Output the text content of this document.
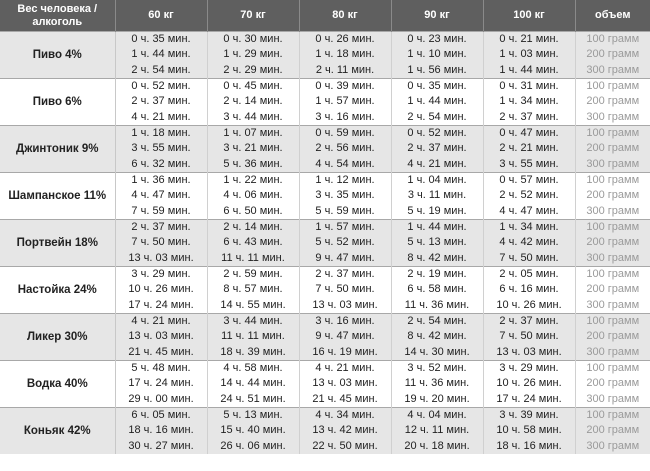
Вес человека / алкоголь	60 кг	70 кг	80 кг	90 кг	100 кг	объем
Пиво 4%	0 ч. 35 мин.	0 ч. 30 мин.	0 ч. 26 мин.	0 ч. 23 мин.	0 ч. 21 мин.	100 грамм
	1 ч. 44 мин.	1 ч. 29 мин.	1 ч. 18 мин.	1 ч. 10 мин.	1 ч. 03 мин.	200 грамм
	2 ч. 54 мин.	2 ч. 29 мин.	2 ч. 11 мин.	1 ч. 56 мин.	1 ч. 44 мин.	300 грамм
Пиво 6%	0 ч. 52 мин.	0 ч. 45 мин.	0 ч. 39 мин.	0 ч. 35 мин.	0 ч. 31 мин.	100 грамм
	2 ч. 37 мин.	2 ч. 14 мин.	1 ч. 57 мин.	1 ч. 44 мин.	1 ч. 34 мин.	200 грамм
	4 ч. 21 мин.	3 ч. 44 мин.	3 ч. 16 мин.	2 ч. 54 мин.	2 ч. 37 мин.	300 грамм
Джинтоник 9%	1 ч. 18 мин.	1 ч. 07 мин.	0 ч. 59 мин.	0 ч. 52 мин.	0 ч. 47 мин.	100 грамм
	3 ч. 55 мин.	3 ч. 21 мин.	2 ч. 56 мин.	2 ч. 37 мин.	2 ч. 21 мин.	200 грамм
	6 ч. 32 мин.	5 ч. 36 мин.	4 ч. 54 мин.	4 ч. 21 мин.	3 ч. 55 мин.	300 грамм
Шампанское 11%	1 ч. 36 мин.	1 ч. 22 мин.	1 ч. 12 мин.	1 ч. 04 мин.	0 ч. 57 мин.	100 грамм
	4 ч. 47 мин.	4 ч. 06 мин.	3 ч. 35 мин.	3 ч. 11 мин.	2 ч. 52 мин.	200 грамм
	7 ч. 59 мин.	6 ч. 50 мин.	5 ч. 59 мин.	5 ч. 19 мин.	4 ч. 47 мин.	300 грамм
Портвейн 18%	2 ч. 37 мин.	2 ч. 14 мин.	1 ч. 57 мин.	1 ч. 44 мин.	1 ч. 34 мин.	100 грамм
	7 ч. 50 мин.	6 ч. 43 мин.	5 ч. 52 мин.	5 ч. 13 мин.	4 ч. 42 мин.	200 грамм
	13 ч. 03 мин.	11 ч. 11 мин.	9 ч. 47 мин.	8 ч. 42 мин.	7 ч. 50 мин.	300 грамм
Настойка 24%	3 ч. 29 мин.	2 ч. 59 мин.	2 ч. 37 мин.	2 ч. 19 мин.	2 ч. 05 мин.	100 грамм
	10 ч. 26 мин.	8 ч. 57 мин.	7 ч. 50 мин.	6 ч. 58 мин.	6 ч. 16 мин.	200 грамм
	17 ч. 24 мин.	14 ч. 55 мин.	13 ч. 03 мин.	11 ч. 36 мин.	10 ч. 26 мин.	300 грамм
Ликер 30%	4 ч. 21 мин.	3 ч. 44 мин.	3 ч. 16 мин.	2 ч. 54 мин.	2 ч. 37 мин.	100 грамм
	13 ч. 03 мин.	11 ч. 11 мин.	9 ч. 47 мин.	8 ч. 42 мин.	7 ч. 50 мин.	200 грамм
	21 ч. 45 мин.	18 ч. 39 мин.	16 ч. 19 мин.	14 ч. 30 мин.	13 ч. 03 мин.	300 грамм
Водка 40%	5 ч. 48 мин.	4 ч. 58 мин.	4 ч. 21 мин.	3 ч. 52 мин.	3 ч. 29 мин.	100 грамм
	17 ч. 24 мин.	14 ч. 44 мин.	13 ч. 03 мин.	11 ч. 36 мин.	10 ч. 26 мин.	200 грамм
	29 ч. 00 мин.	24 ч. 51 мин.	21 ч. 45 мин.	19 ч. 20 мин.	17 ч. 24 мин.	300 грамм
Коньяк 42%	6 ч. 05 мин.	5 ч. 13 мин.	4 ч. 34 мин.	4 ч. 04 мин.	3 ч. 39 мин.	100 грамм
	18 ч. 16 мин.	15 ч. 40 мин.	13 ч. 42 мин.	12 ч. 11 мин.	10 ч. 58 мин.	200 грамм
	30 ч. 27 мин.	26 ч. 06 мин.	22 ч. 50 мин.	20 ч. 18 мин.	18 ч. 16 мин.	300 грамм
